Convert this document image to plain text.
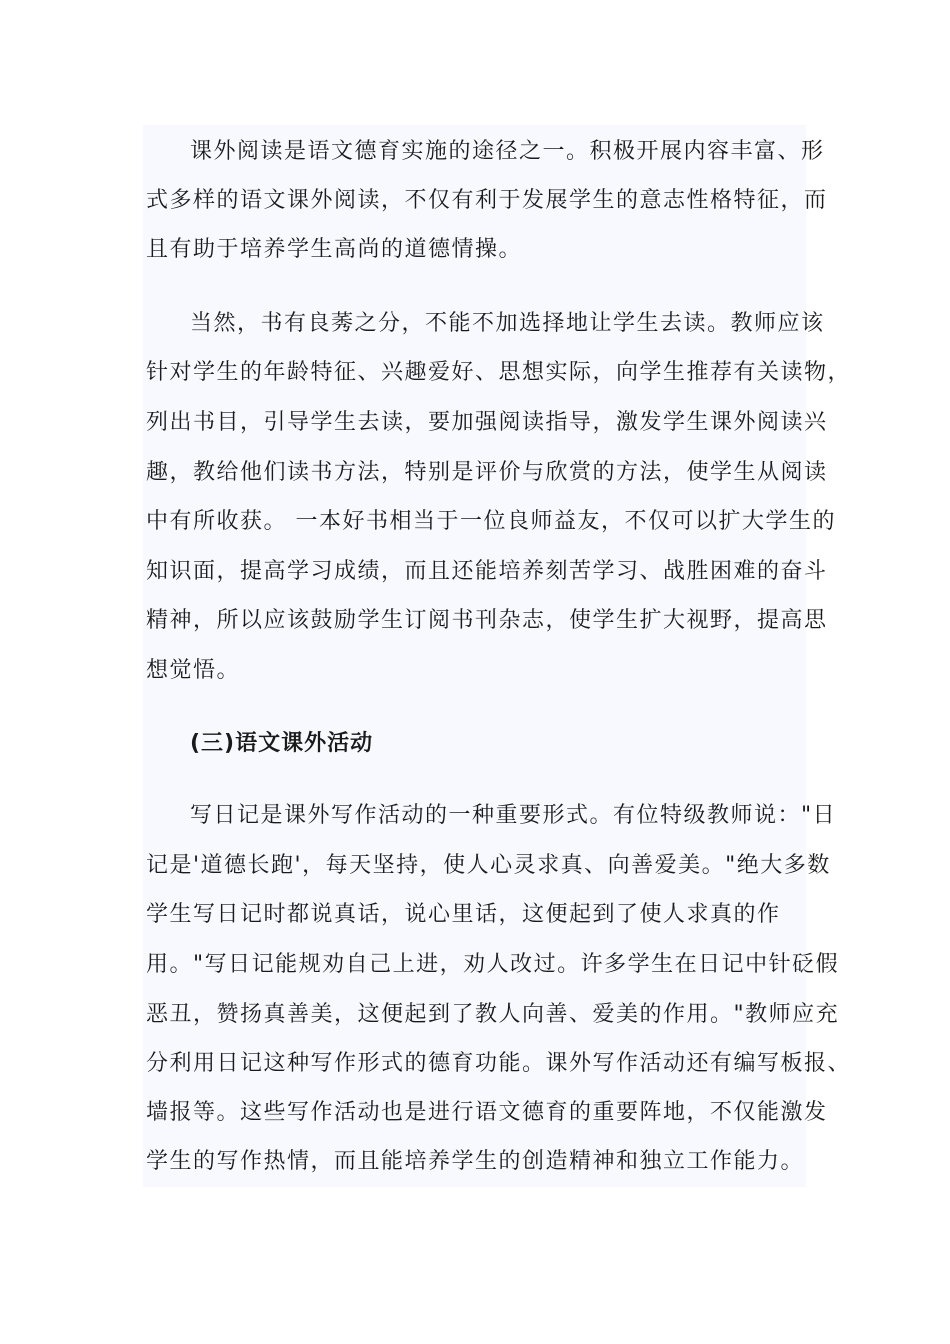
课外阅读是语文德育实施的途径之一。积极开展内容丰富、形
式多样的语文课外阅读，不仅有利于发展学生的意志性格特征，而
且有助于培养学生高尚的道德情操。
当然，书有良莠之分，不能不加选择地让学生去读。教师应该
针对学生的年龄特征、兴趣爱好、思想实际，向学生推荐有关读物，
列出书目，引导学生去读，要加强阅读指导，激发学生课外阅读兴
趣，教给他们读书方法，特别是评价与欣赏的方法，使学生从阅读
中有所收获。 一本好书相当于一位良师益友，不仅可以扩大学生的
知识面，提高学习成绩，而且还能培养刻苦学习、战胜困难的奋斗
精神，所以应该鼓励学生订阅书刊杂志，使学生扩大视野，提高思
想觉悟。
(三)语文课外活动
写日记是课外写作活动的一种重要形式。有位特级教师说："日
记是'道德长跑'，每天坚持，使人心灵求真、向善爱美。"绝大多数
学生写日记时都说真话，说心里话，这便起到了使人求真的作
用。"写日记能规劝自己上进，劝人改过。许多学生在日记中针砭假
恶丑，赞扬真善美，这便起到了教人向善、爱美的作用。"教师应充
分利用日记这种写作形式的德育功能。课外写作活动还有编写板报、
墙报等。这些写作活动也是进行语文德育的重要阵地，不仅能激发
学生的写作热情，而且能培养学生的创造精神和独立工作能力。
